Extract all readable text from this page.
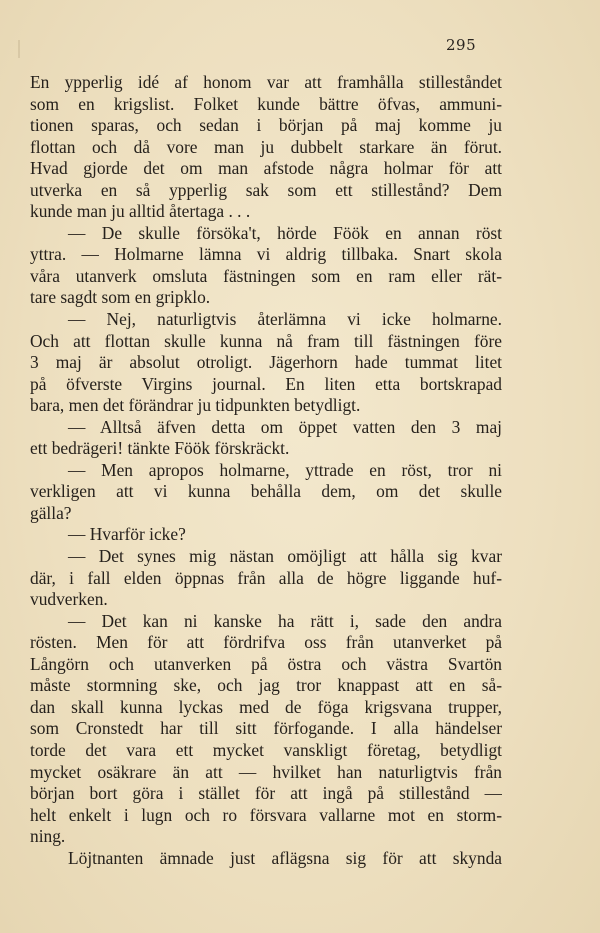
295
En ypperlig idé af honom var att framhålla stilleståndet
som en krigslist. Folket kunde bättre öfvas, ammuni-
tionen sparas, och sedan i början på maj komme ju
flottan och då vore man ju dubbelt starkare än förut.
Hvad gjorde det om man afstode några holmar för att
utverka en så ypperlig sak som ett stillestånd? Dem
kunde man ju alltid återtaga . . .
— De skulle försöka't, hörde Föök en annan röst
yttra. — Holmarne lämna vi aldrig tillbaka. Snart skola
våra utanverk omsluta fästningen som en ram eller rät-
tare sagdt som en gripklo.
— Nej, naturligtvis återlämna vi icke holmarne.
Och att flottan skulle kunna nå fram till fästningen före
3 maj är absolut otroligt. Jägerhorn hade tummat litet
på öfverste Virgins journal. En liten etta bortskrapad
bara, men det förändrar ju tidpunkten betydligt.
— Alltså äfven detta om öppet vatten den 3 maj
ett bedrägeri! tänkte Föök förskräckt.
— Men apropos holmarne, yttrade en röst, tror ni
verkligen att vi kunna behålla dem, om det skulle
gälla?
— Hvarför icke?
— Det synes mig nästan omöjligt att hålla sig kvar
där, i fall elden öppnas från alla de högre liggande huf-
vudverken.
— Det kan ni kanske ha rätt i, sade den andra
rösten. Men för att fördrifva oss från utanverket på
Långörn och utanverken på östra och västra Svartön
måste stormning ske, och jag tror knappast att en så-
dan skall kunna lyckas med de föga krigsvana trupper,
som Cronstedt har till sitt förfogande. I alla händelser
torde det vara ett mycket vanskligt företag, betydligt
mycket osäkrare än att — hvilket han naturligtvis från
början bort göra i stället för att ingå på stillestånd —
helt enkelt i lugn och ro försvara vallarne mot en storm-
ning.
Löjtnanten ämnade just aflägsna sig för att skynda
